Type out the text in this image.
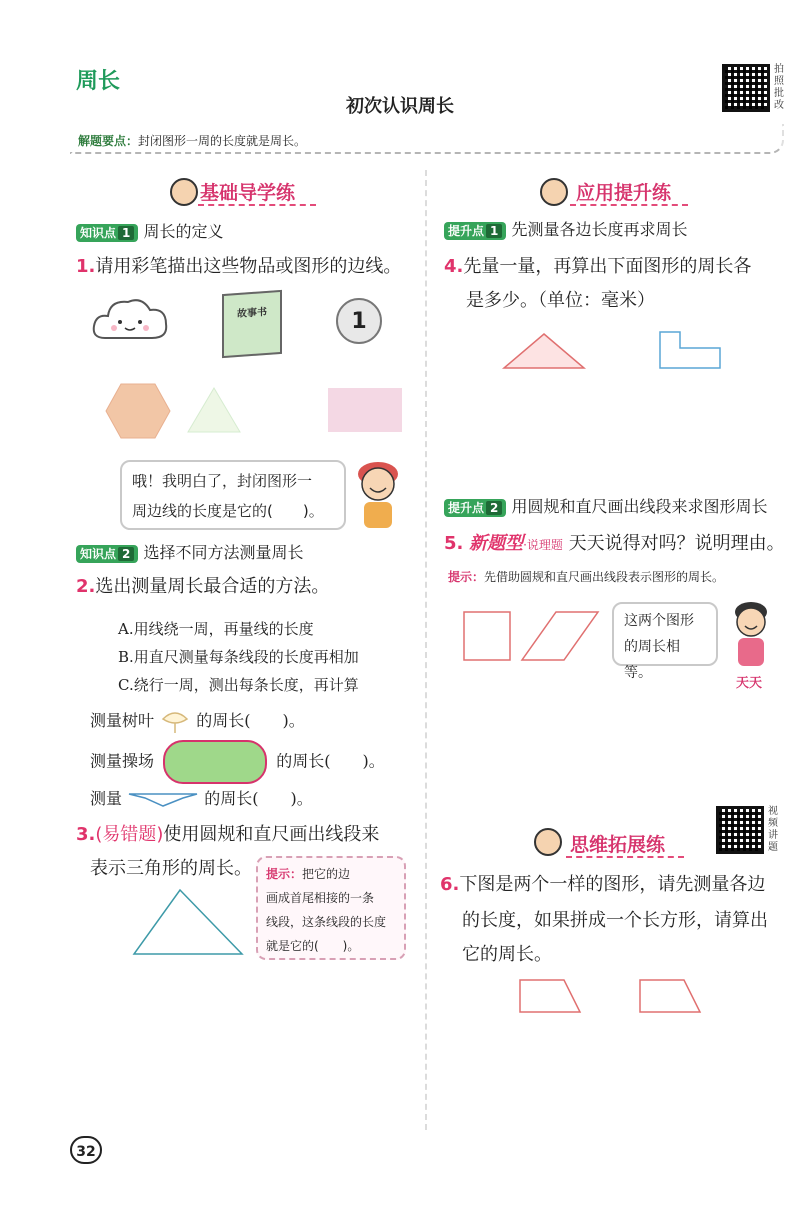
周长
初次认识周长
拍照批改
解题要点：封闭图形一周的长度就是周长。
基础导学练
知识点 1 周长的定义
1.请用彩笔描出这些物品或图形的边线。
故事书	1
哦！我明白了，封闭图形一
周边线的长度是它的(　　)。
知识点 2 选择不同方法测量周长
2.选出测量周长最合适的方法。
A.用线绕一周，再量线的长度
B.用直尺测量每条线段的长度再相加
C.绕行一周，测出每条长度，再计算
测量树叶	的周长(　　)。
测量操场	的周长(　　)。
测量	的周长(　　)。
3.(易错题)使用圆规和直尺画出线段来
表示三角形的周长。 提示：把它的边
画成首尾相接的一条
线段，这条线段的长度
就是它的(　　)。
应用提升练
提升点 1 先测量各边长度再求周长
4.先量一量，再算出下面图形的周长各
是多少。（单位：毫米）
提升点 2 用圆规和直尺画出线段来求图形周长
5. 新题型·说理题 天天说得对吗？说明理由。
提示：先借助圆规和直尺画出线段表示图形的周长。
这两个图形
的周长相等。
天天
视频讲题
思维拓展练
6.下图是两个一样的图形，请先测量各边
的长度，如果拼成一个长方形，请算出
它的周长。
32
